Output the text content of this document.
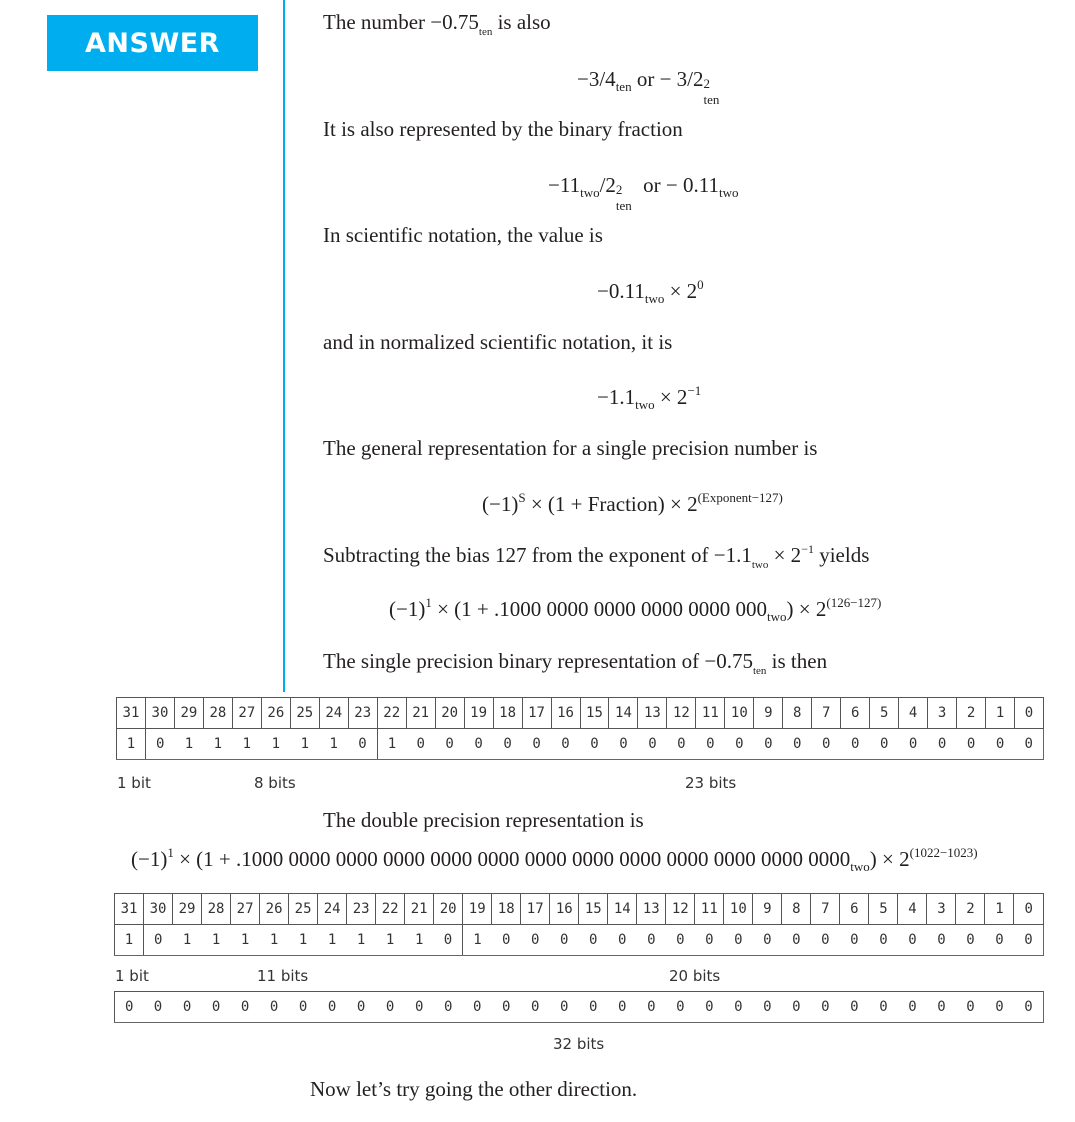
ANSWER
The number $-0.75_{ten}$ is also
$-3/4_{ten}$ or − 3/2 2
ten
It is also represented by the binary fraction
$-11_{two}/2$ 2
ten
or − $0.11_{two}$
In scientific notation, the value is
$-0.11_{two} \times 2^0$
and in normalized scientific notation, it is
$-1.1_{two} \times 2^{-1}$
The general representation for a single precision number is
$(-1)^S \times (1$ + Fraction) × $2^{(Exponent-127)}$
Subtracting the bias 127 from the exponent of $-1.1_{two} \times 2^{-1}$ yields
$(-1)^1 \times (1 + .1000$ 0000 0000 0000 0000 $000_{two}) \times 2^{(126-127)}$
The single precision binary representation of $-0.75_{ten}$ is then
31	30	29	28	27	26	25	24	23	22	21	20	19	18	17	16	15	14	13	12	11	10	9	8	7	6	5	4	3	2	1	0
1	0	1	1	1	1	1	1	0	1	0	0	0	0	0	0	0	0	0	0	0	0	0	0	0	0	0	0	0	0	0	0
1 bit	8 bits	23 bits
The double precision representation is
$(-1)^1 \times (1 + .1000$ 0000 0000 0000 0000 0000 0000 0000 0000 0000 0000 0000 $0000_{two}) \times 2^{(1022-1023)}$
31	30	29	28	27	26	25	24	23	22	21	20	19	18	17	16	15	14	13	12	11	10	9	8	7	6	5	4	3	2	1	0
1	0	1	1	1	1	1	1	1	1	1	0	1	0	0	0	0	0	0	0	0	0	0	0	0	0	0	0	0	0	0	0
1 bit	11 bits	20 bits
0	0	0	0	0	0	0	0	0	0	0	0	0	0	0	0	0	0	0	0	0	0	0	0	0	0	0	0	0	0	0	0
32 bits
Now let’s try going the other direction.
